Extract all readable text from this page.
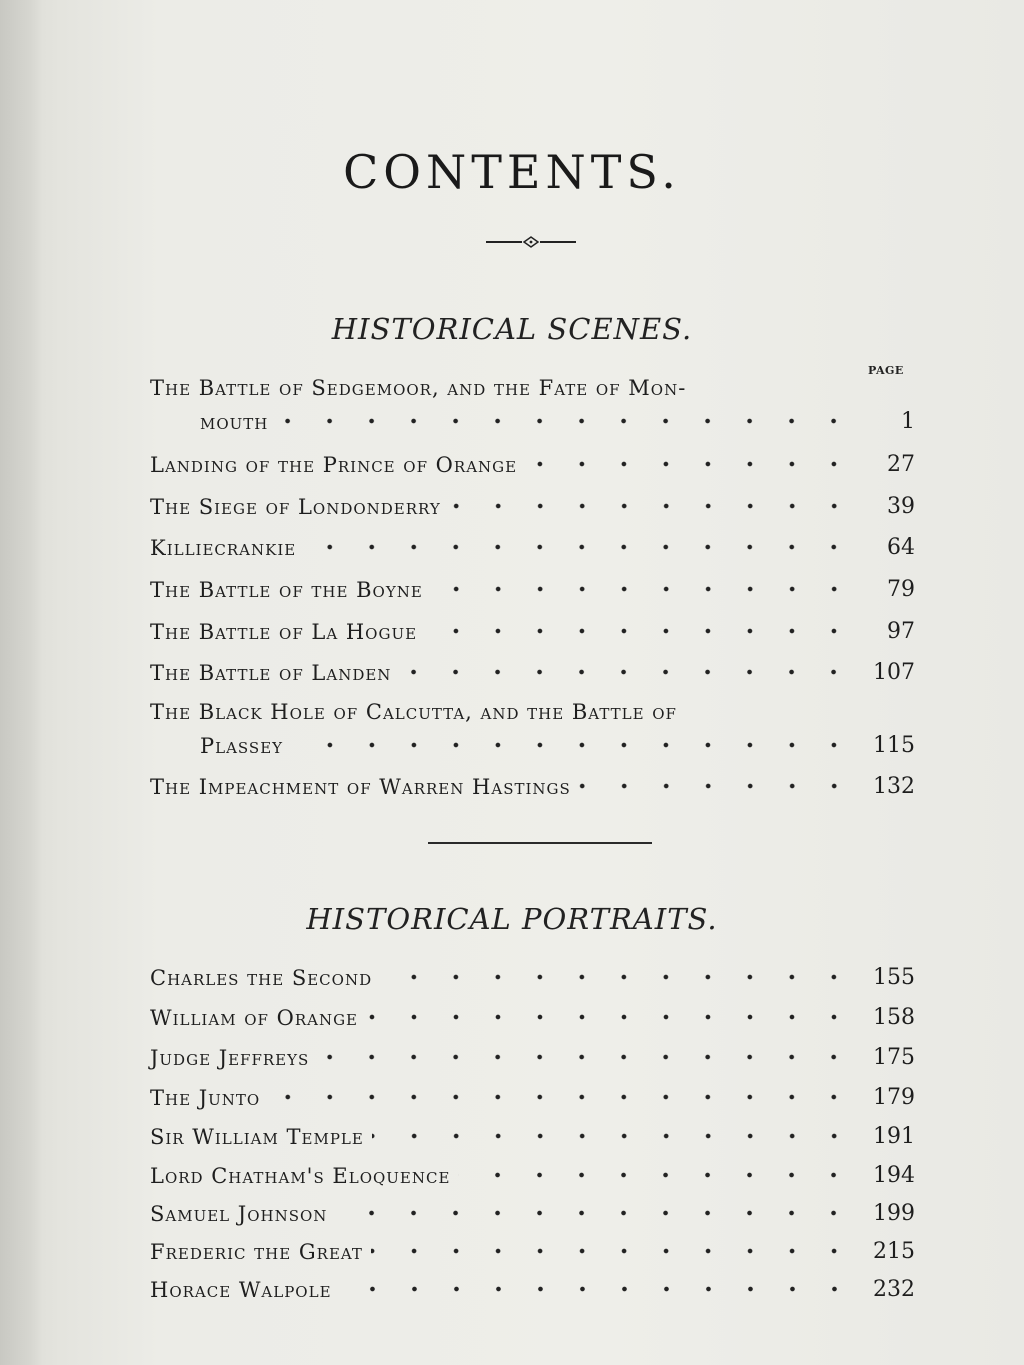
CONTENTS.
HISTORICAL SCENES.
PAGE
The Battle of Sedgemoor, and the Fate of Mon-
mouth	1
Landing of the Prince of Orange	27
The Siege of Londonderry	39
Killiecrankie	64
The Battle of the Boyne	79
The Battle of La Hogue	97
The Battle of Landen	107
The Black Hole of Calcutta, and the Battle of
Plassey	115
The Impeachment of Warren Hastings	132
HISTORICAL PORTRAITS.
Charles the Second	155
William of Orange	158
Judge Jeffreys	175
The Junto	179
Sir William Temple	191
Lord Chatham's Eloquence	194
Samuel Johnson	199
Frederic the Great	215
Horace Walpole	232
